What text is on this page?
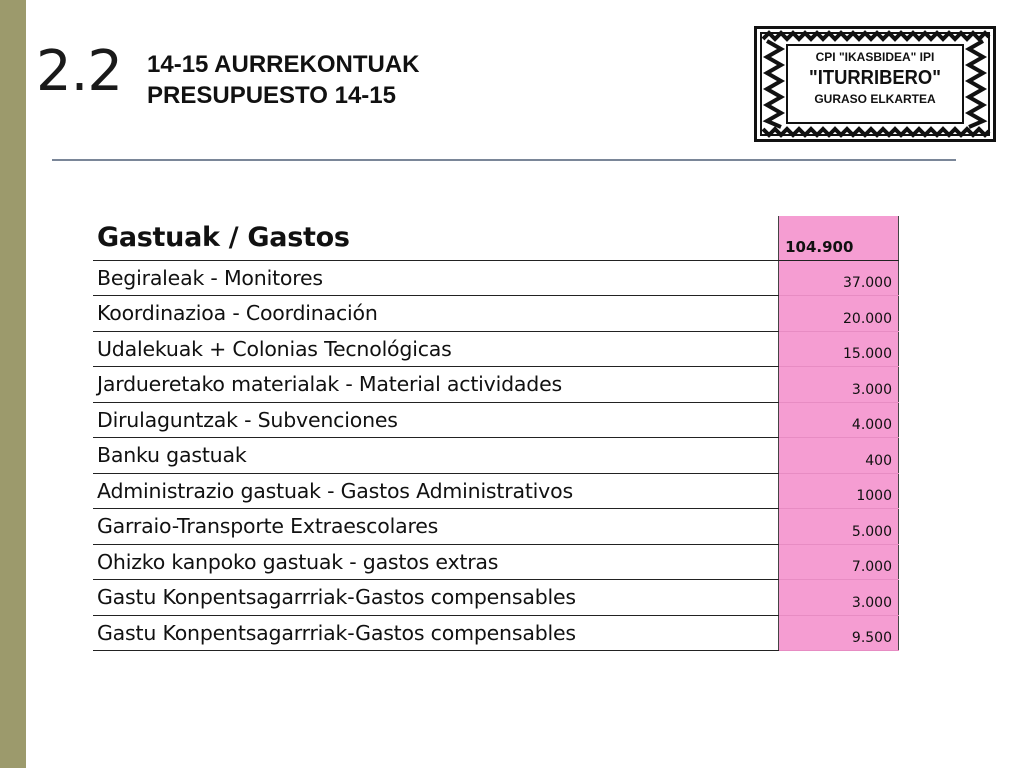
2.2 14-15 AURREKONTUAK
PRESUPUESTO 14-15
CPI "IKASBIDEA" IPI
"ITURRIBERO"
GURASO ELKARTEA
Gastuak / Gastos	104.900
Begiraleak - Monitores	37.000
Koordinazioa - Coordinación	20.000
Udalekuak + Colonias Tecnológicas	15.000
Jardueretako materialak - Material actividades	3.000
Dirulaguntzak - Subvenciones	4.000
Banku gastuak	400
Administrazio gastuak - Gastos Administrativos	1000
Garraio-Transporte Extraescolares	5.000
Ohizko kanpoko gastuak - gastos extras	7.000
Gastu Konpentsagarrriak-Gastos compensables	3.000
Gastu Konpentsagarrriak-Gastos compensables	9.500
